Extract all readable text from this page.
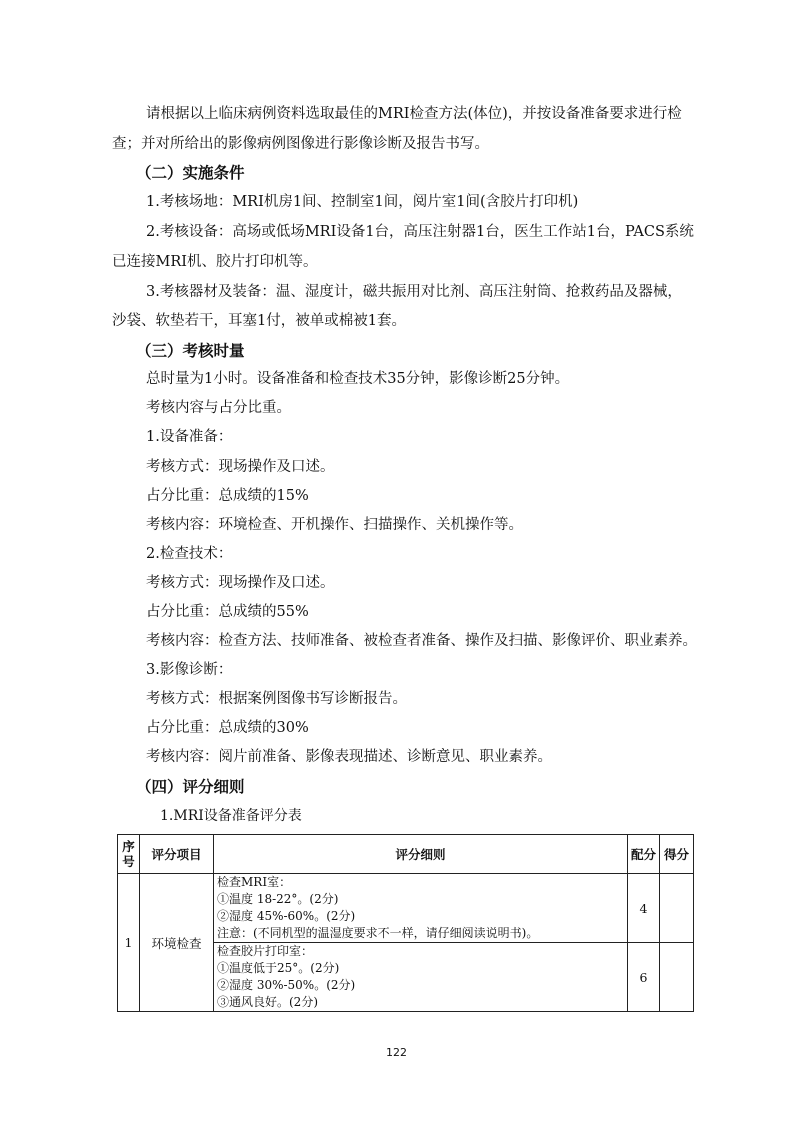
请根据以上临床病例资料选取最佳的MRI检查方法(体位)，并按设备准备要求进行检
查；并对所给出的影像病例图像进行影像诊断及报告书写。
（二）实施条件
1.考核场地：MRI机房1间、控制室1间，阅片室1间(含胶片打印机)
2.考核设备：高场或低场MRI设备1台，高压注射器1台，医生工作站1台，PACS系统
已连接MRI机、胶片打印机等。
3.考核器材及装备：温、湿度计，磁共振用对比剂、高压注射筒、抢救药品及器械，
沙袋、软垫若干，耳塞1付，被单或棉被1套。
（三）考核时量
总时量为1小时。设备准备和检查技术35分钟，影像诊断25分钟。
考核内容与占分比重。
1.设备准备：
考核方式：现场操作及口述。
占分比重：总成绩的15%
考核内容：环境检查、开机操作、扫描操作、关机操作等。
2.检查技术：
考核方式：现场操作及口述。
占分比重：总成绩的55%
考核内容：检查方法、技师准备、被检查者准备、操作及扫描、影像评价、职业素养。
3.影像诊断：
考核方式：根据案例图像书写诊断报告。
占分比重：总成绩的30%
考核内容：阅片前准备、影像表现描述、诊断意见、职业素养。
（四）评分细则
1.MRI设备准备评分表
序号	评分项目	评分细则	配分	得分
1	环境检查	检查MRI室：
①温度 18-22°。(2分)
②湿度 45%-60%。(2分)
注意：(不同机型的温湿度要求不一样，请仔细阅读说明书)。	4	

		检查胶片打印室：
①温度低于25°。(2分)
②湿度 30%-50%。(2分)
③通风良好。(2分)	6	
122
